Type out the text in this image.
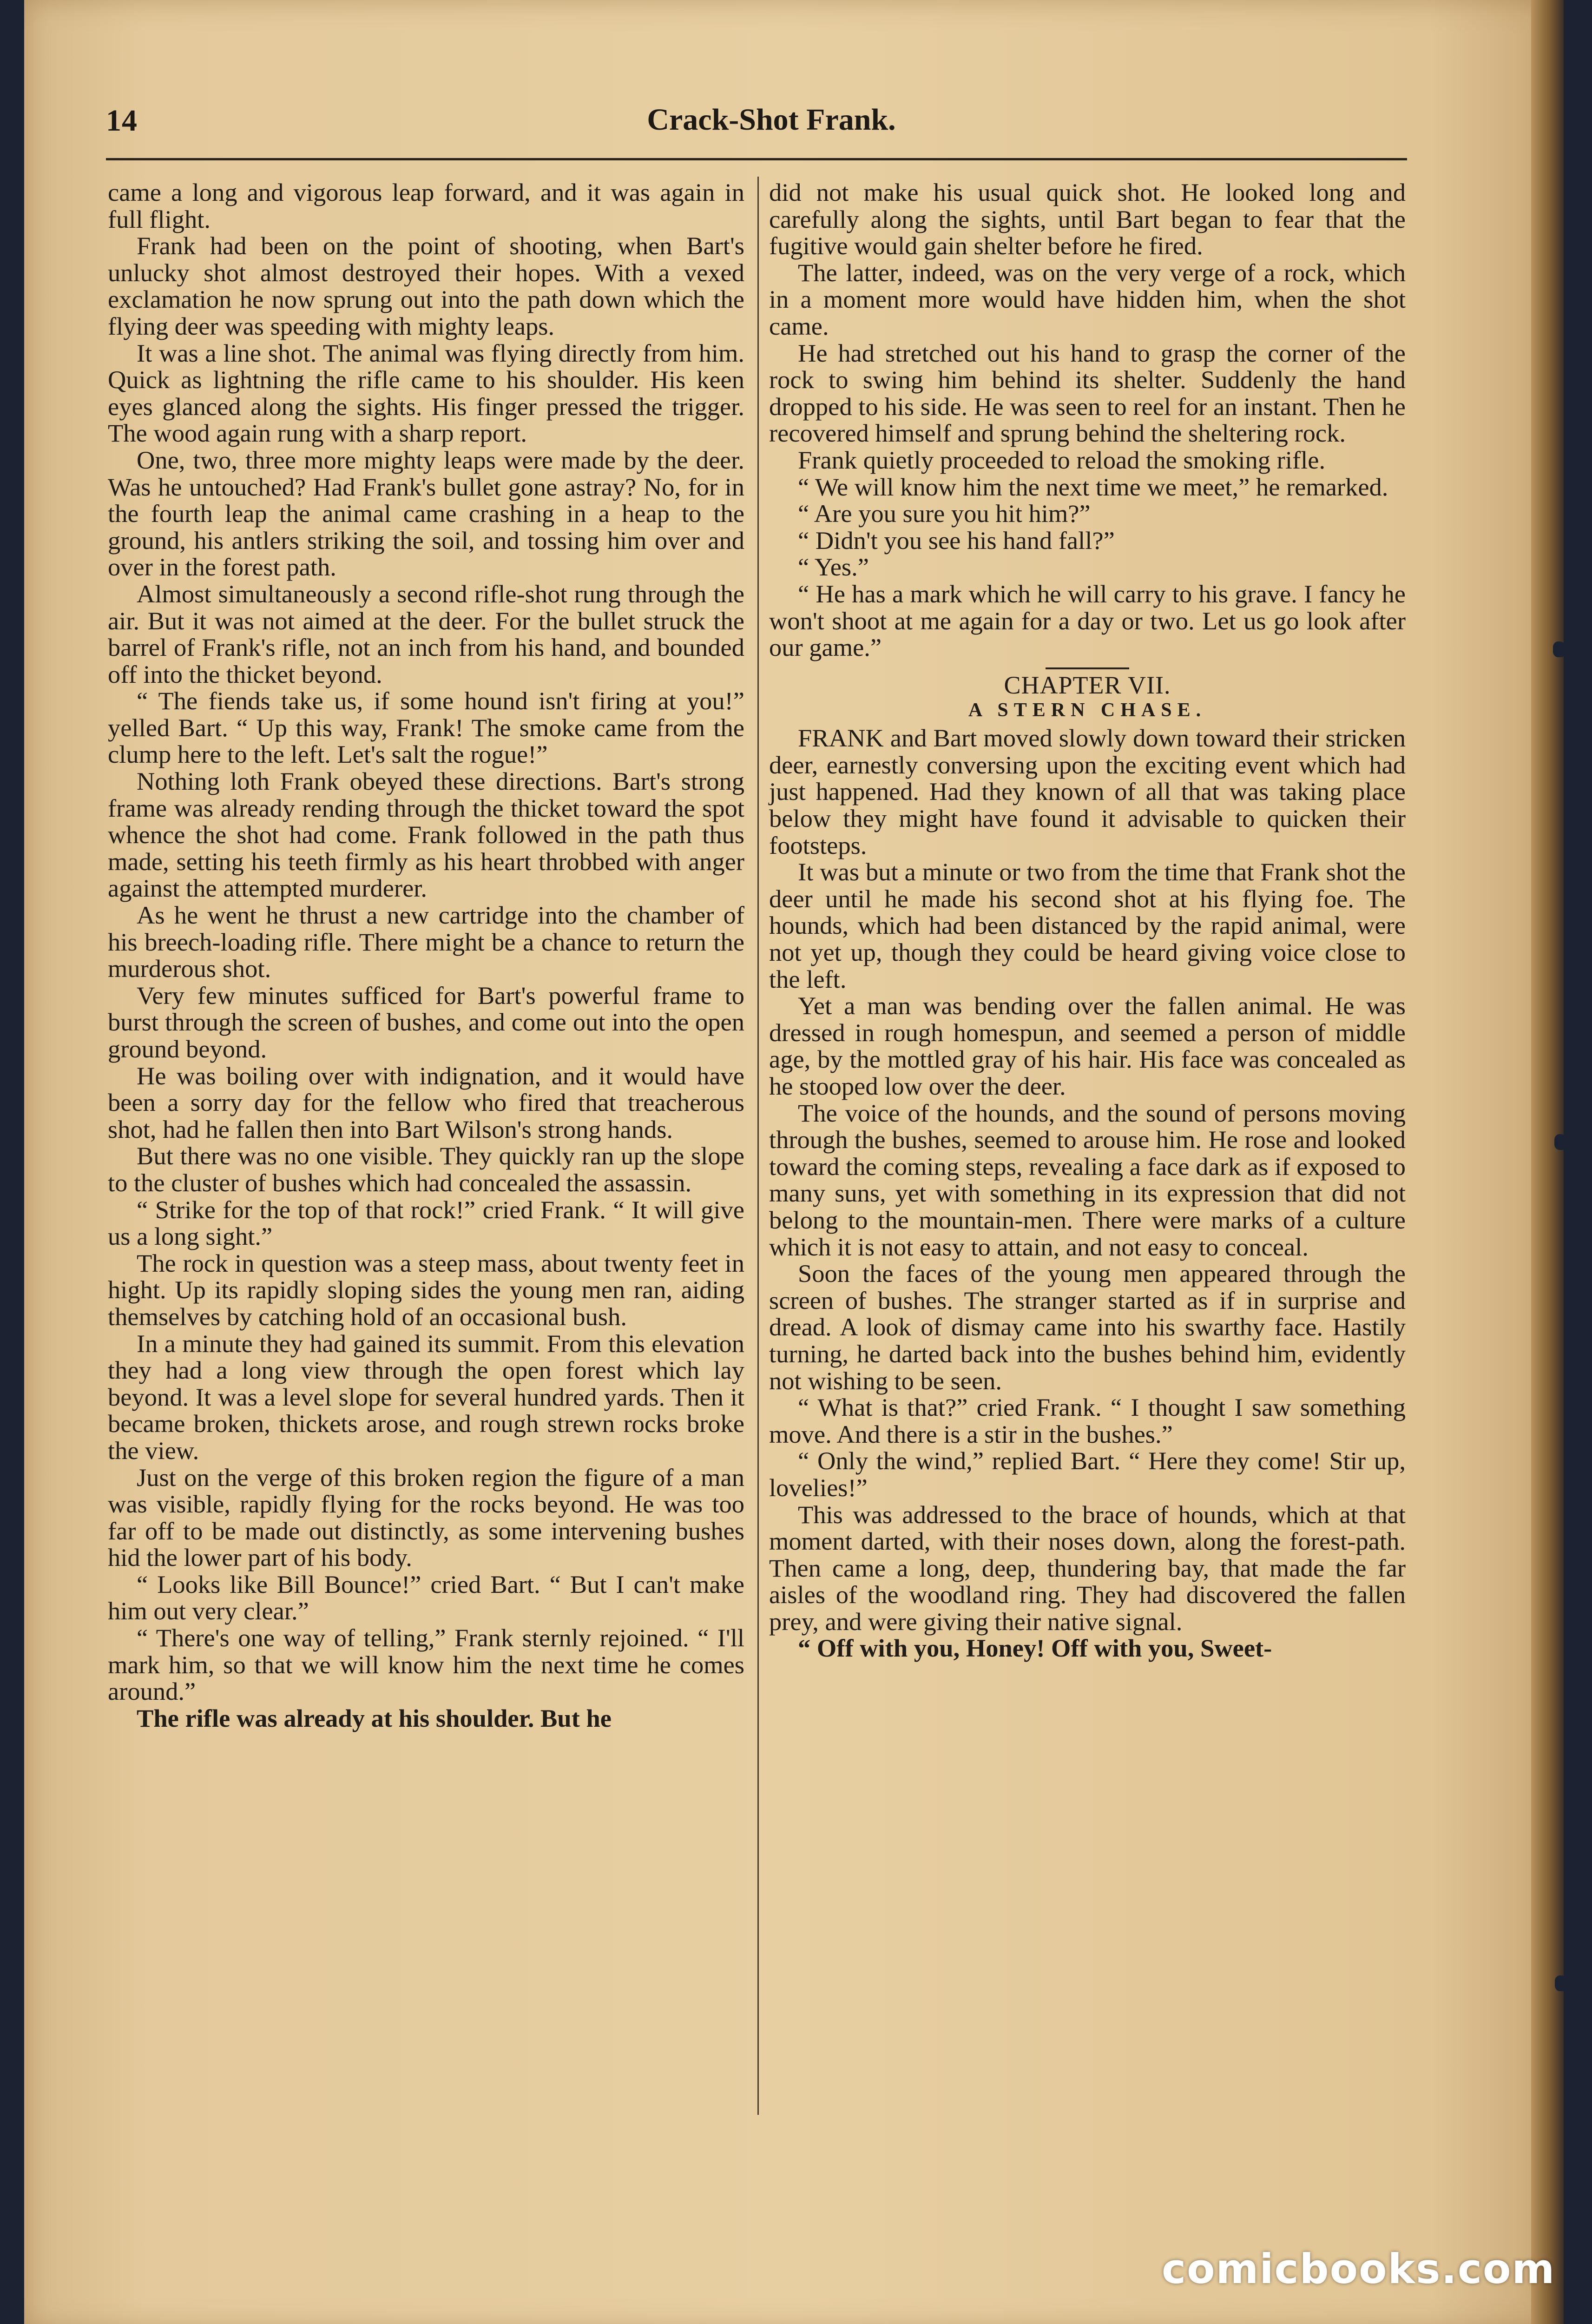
14	Crack-Shot Frank.

came a long and vigorous leap forward, and it was again in full flight.

Frank had been on the point of shooting, when Bart's unlucky shot almost destroyed their hopes. With a vexed exclamation he now sprung out into the path down which the flying deer was speeding with mighty leaps.

It was a line shot. The animal was flying directly from him. Quick as lightning the rifle came to his shoulder. His keen eyes glanced along the sights. His finger pressed the trigger. The wood again rung with a sharp report.

One, two, three more mighty leaps were made by the deer. Was he untouched? Had Frank's bullet gone astray? No, for in the fourth leap the animal came crashing in a heap to the ground, his antlers striking the soil, and tossing him over and over in the forest path.

Almost simultaneously a second rifle-shot rung through the air. But it was not aimed at the deer. For the bullet struck the barrel of Frank's rifle, not an inch from his hand, and bounded off into the thicket beyond.

“ The fiends take us, if some hound isn't firing at you!” yelled Bart. “ Up this way, Frank! The smoke came from the clump here to the left. Let's salt the rogue!”

Nothing loth Frank obeyed these directions. Bart's strong frame was already rending through the thicket toward the spot whence the shot had come. Frank followed in the path thus made, setting his teeth firmly as his heart throbbed with anger against the attempted murderer.

As he went he thrust a new cartridge into the chamber of his breech-loading rifle. There might be a chance to return the murderous shot.

Very few minutes sufficed for Bart's powerful frame to burst through the screen of bushes, and come out into the open ground beyond.

He was boiling over with indignation, and it would have been a sorry day for the fellow who fired that treacherous shot, had he fallen then into Bart Wilson's strong hands.

But there was no one visible. They quickly ran up the slope to the cluster of bushes which had concealed the assassin.

“ Strike for the top of that rock!” cried Frank. “ It will give us a long sight.”

The rock in question was a steep mass, about twenty feet in hight. Up its rapidly sloping sides the young men ran, aiding themselves by catching hold of an occasional bush.

In a minute they had gained its summit. From this elevation they had a long view through the open forest which lay beyond. It was a level slope for several hundred yards. Then it became broken, thickets arose, and rough strewn rocks broke the view.

Just on the verge of this broken region the figure of a man was visible, rapidly flying for the rocks beyond. He was too far off to be made out distinctly, as some intervening bushes hid the lower part of his body.

“ Looks like Bill Bounce!” cried Bart. “ But I can't make him out very clear.”

“ There's one way of telling,” Frank sternly rejoined. “ I'll mark him, so that we will know him the next time he comes around.”

The rifle was already at his shoulder. But he

did not make his usual quick shot. He looked long and carefully along the sights, until Bart began to fear that the fugitive would gain shelter before he fired.

The latter, indeed, was on the very verge of a rock, which in a moment more would have hidden him, when the shot came.

He had stretched out his hand to grasp the corner of the rock to swing him behind its shelter. Suddenly the hand dropped to his side. He was seen to reel for an instant. Then he recovered himself and sprung behind the sheltering rock.

Frank quietly proceeded to reload the smoking rifle.

“ We will know him the next time we meet,” he remarked.

“ Are you sure you hit him?”

“ Didn't you see his hand fall?”

“ Yes.”

“ He has a mark which he will carry to his grave. I fancy he won't shoot at me again for a day or two. Let us go look after our game.”

CHAPTER VII.
A STERN CHASE.

FRANK and Bart moved slowly down toward their stricken deer, earnestly conversing upon the exciting event which had just happened. Had they known of all that was taking place below they might have found it advisable to quicken their footsteps.

It was but a minute or two from the time that Frank shot the deer until he made his second shot at his flying foe. The hounds, which had been distanced by the rapid animal, were not yet up, though they could be heard giving voice close to the left.

Yet a man was bending over the fallen animal. He was dressed in rough homespun, and seemed a person of middle age, by the mottled gray of his hair. His face was concealed as he stooped low over the deer.

The voice of the hounds, and the sound of persons moving through the bushes, seemed to arouse him. He rose and looked toward the coming steps, revealing a face dark as if exposed to many suns, yet with something in its expression that did not belong to the mountain-men. There were marks of a culture which it is not easy to attain, and not easy to conceal.

Soon the faces of the young men appeared through the screen of bushes. The stranger started as if in surprise and dread. A look of dismay came into his swarthy face. Hastily turning, he darted back into the bushes behind him, evidently not wishing to be seen.

“ What is that?” cried Frank. “ I thought I saw something move. And there is a stir in the bushes.”

“ Only the wind,” replied Bart. “ Here they come! Stir up, lovelies!”

This was addressed to the brace of hounds, which at that moment darted, with their noses down, along the forest-path. Then came a long, deep, thundering bay, that made the far aisles of the woodland ring. They had discovered the fallen prey, and were giving their native signal.

“ Off with you, Honey! Off with you, Sweet-

comicbooks.com
